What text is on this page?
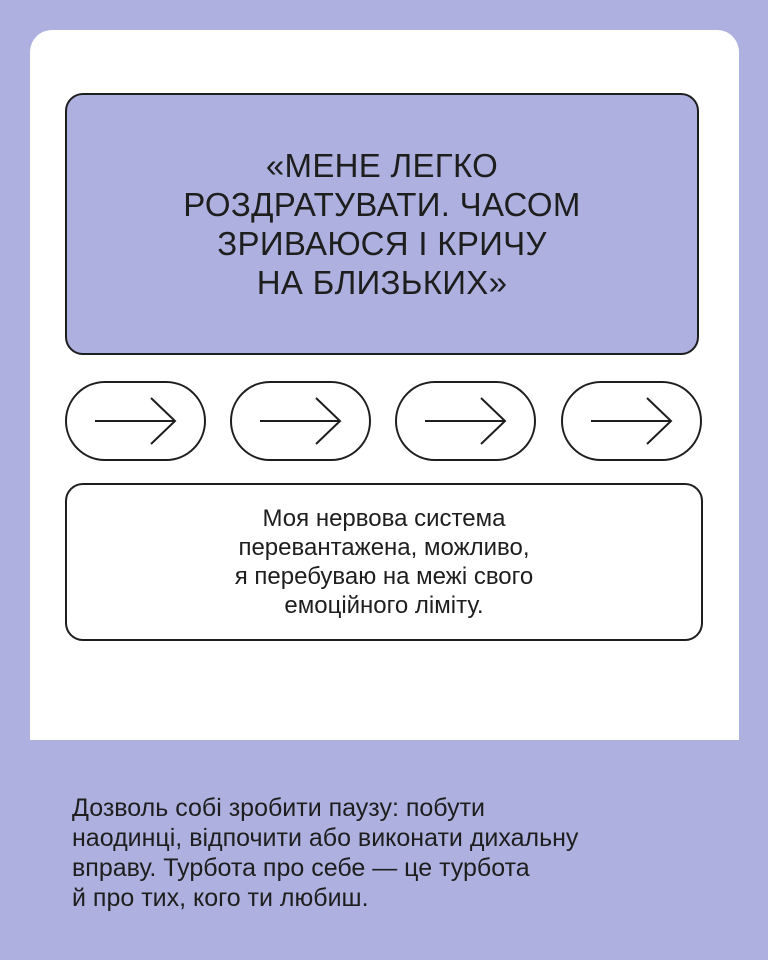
«МЕНЕ ЛЕГКО
РОЗДРАТУВАТИ. ЧАСОМ
ЗРИВАЮСЯ І КРИЧУ
НА БЛИЗЬКИХ»
Моя нервова система
перевантажена, можливо,
я перебуваю на межі свого
емоційного ліміту.
Дозволь собі зробити паузу: побути
наодинці, відпочити або виконати дихальну
вправу. Турбота про себе — це турбота
й про тих, кого ти любиш.
